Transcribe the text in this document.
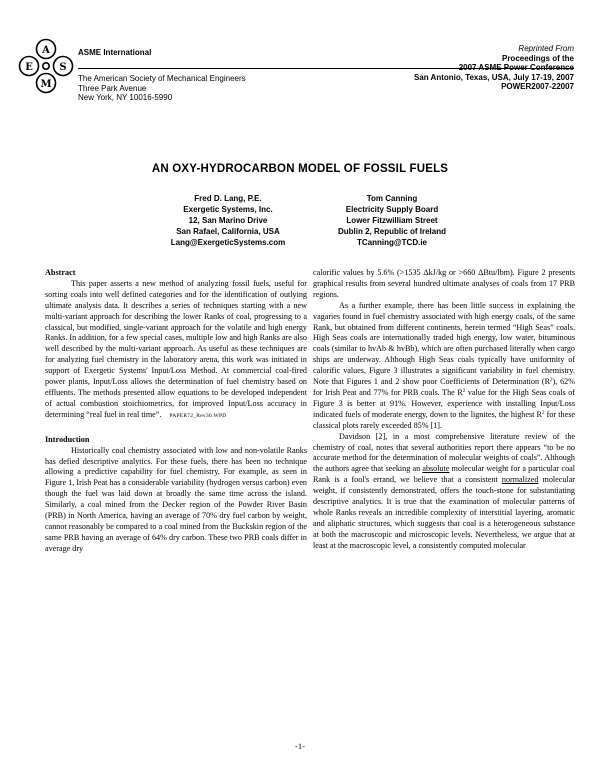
A
E	S
M
ASME International
The American Society of Mechanical Engineers
Three Park Avenue
New York, NY 10016-5990
Reprinted From
Proceedings of the
2007 ASME Power Conference
San Antonio, Texas, USA, July 17-19, 2007
POWER2007-22007
AN OXY-HYDROCARBON MODEL OF FOSSIL FUELS
Fred D. Lang, P.E.
Exergetic Systems, Inc.
12, San Marino Drive
San Rafael, California, USA
Lang@ExergeticSystems.com
Tom Canning
Electricity Supply Board
Lower Fitzwilliam Street
Dublin 2, Republic of Ireland
TCanning@TCD.ie
Abstract

This paper asserts a new method of analyzing fossil fuels, useful for sorting coals into well defined categories and for the identification of outlying ultimate analysis data. It describes a series of techniques starting with a new multi-variant approach for describing the lower Ranks of coal, progressing to a classical, but modified, single-variant approach for the volatile and high energy Ranks. In addition, for a few special cases, multiple low and high Ranks are also well described by the multi-variant approach. As useful as these techniques are for analyzing fuel chemistry in the laboratory arena, this work was initiated in support of Exergetic Systems' Input/Loss Method. At commercial coal-fired power plants, Input/Loss allows the determination of fuel chemistry based on effluents. The methods presented allow equations to be developed independent of actual combustion stoichiometrics, for improved Input/Loss accuracy in determining “real fuel in real time”. PAPER72_Rev30.WPD

Introduction

Historically coal chemistry associated with low and non-volatile Ranks has defied descriptive analytics. For these fuels, there has been no technique allowing a predictive capability for fuel chemistry. For example, as seen in Figure 1, Irish Peat has a considerable variability (hydrogen versus carbon) even though the fuel was laid down at broadly the same time across the island. Similarly, a coal mined from the Decker region of the Powder River Basin (PRB) in North America, having an average of 70% dry fuel carbon by weight, cannot reasonably be compared to a coal mined from the Buckskin region of the same PRB having an average of 64% dry carbon. These two PRB coals differ in average dry

calorific values by 5.6% (>1535 ΔkJ/kg or >660 ΔBtu/lbm). Figure 2 presents graphical results from several hundred ultimate analyses of coals from 17 PRB regions.

As a further example, there has been little success in explaining the vagaries found in fuel chemistry associated with high energy coals, of the same Rank, but obtained from different continents, herein termed “High Seas” coals. High Seas coals are internationally traded high energy, low water, bituminous coals (similar to hvAb & hvBb), which are often purchased literally when cargo ships are underway. Although High Seas coals typically have uniformity of calorific values, Figure 3 illustrates a significant variability in fuel chemistry. Note that Figures 1 and 2 show poor Coefficients of Determination $(R^2)$, 62% for Irish Peat and 77% for PRB coals. The $R^2$ value for the High Seas coals of Figure 3 is better at 91%. However, experience with installing Input/Loss indicated fuels of moderate energy, down to the lignites, the highest $R^2$ for these classical plots rarely exceeded 85% [1].

Davidson [2], in a most comprehensive literature review of the chemistry of coal, notes that several authorities report there appears “to be no accurate method for the determination of molecular weights of coals”. Although the authors agree that seeking an absolute molecular weight for a particular coal Rank is a fool's errand, we believe that a consistent normalized molecular weight, if consistently demonstrated, offers the touch-stone for substantiating descriptive analytics. It is true that the examination of molecular patterns of whole Ranks reveals an incredible complexity of interstitial layering, aromatic and aliphatic structures, which suggests that coal is a heterogeneous substance at both the macroscopic and microscopic levels. Nevertheless, we argue that at least at the macroscopic level, a consistently computed molecular

-1-
